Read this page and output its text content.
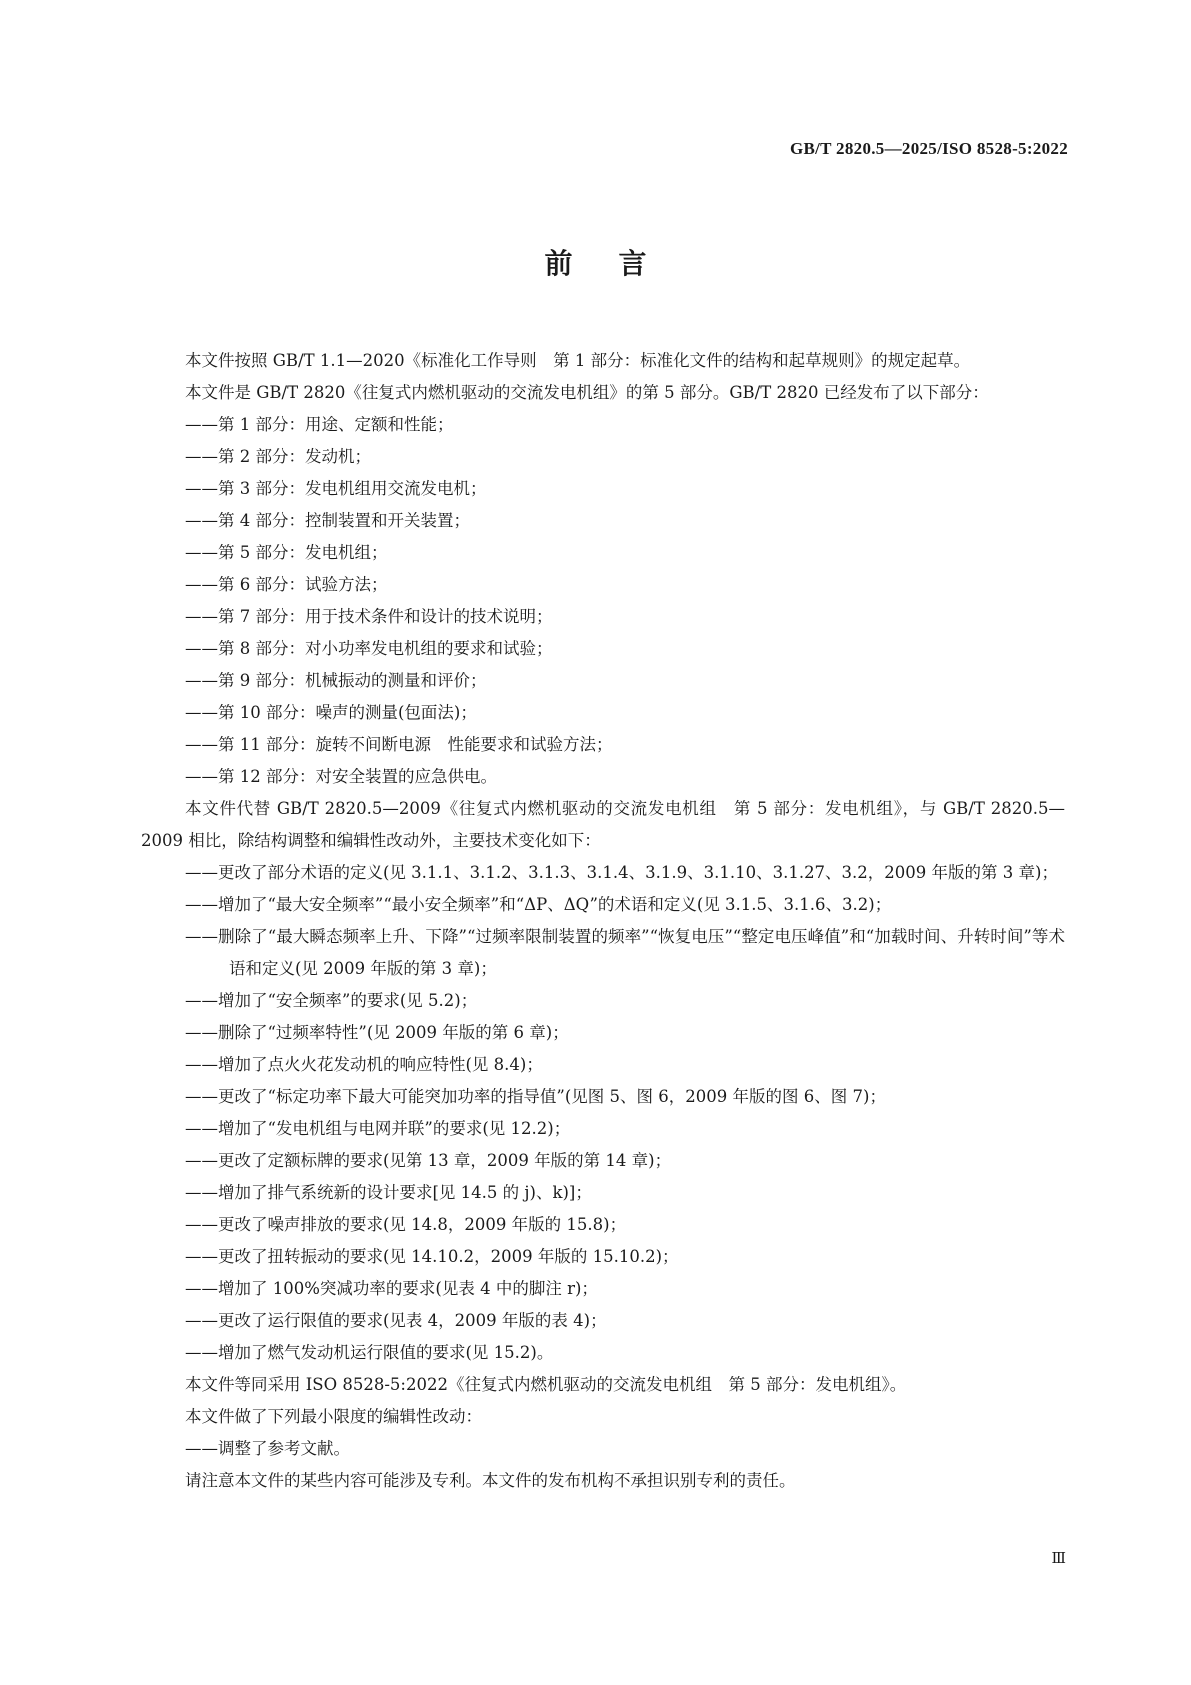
GB/T 2820.5—2025/ISO 8528-5:2022
前言

本文件按照 GB/T 1.1—2020《标准化工作导则　第 1 部分：标准化文件的结构和起草规则》的规定起草。

本文件是 GB/T 2820《往复式内燃机驱动的交流发电机组》的第 5 部分。GB/T 2820 已经发布了以下部分：

——第 1 部分：用途、定额和性能；

——第 2 部分：发动机；

——第 3 部分：发电机组用交流发电机；

——第 4 部分：控制装置和开关装置；

——第 5 部分：发电机组；

——第 6 部分：试验方法；

——第 7 部分：用于技术条件和设计的技术说明；

——第 8 部分：对小功率发电机组的要求和试验；

——第 9 部分：机械振动的测量和评价；

——第 10 部分：噪声的测量(包面法)；

——第 11 部分：旋转不间断电源　性能要求和试验方法；

——第 12 部分：对安全装置的应急供电。

本文件代替 GB/T 2820.5—2009《往复式内燃机驱动的交流发电机组　第 5 部分：发电机组》，与 GB/T 2820.5—2009 相比，除结构调整和编辑性改动外，主要技术变化如下：

——更改了部分术语的定义(见 3.1.1、3.1.2、3.1.3、3.1.4、3.1.9、3.1.10、3.1.27、3.2，2009 年版的第 3 章)；

——增加了“最大安全频率”“最小安全频率”和“ΔP、ΔQ”的术语和定义(见 3.1.5、3.1.6、3.2)；

——删除了“最大瞬态频率上升、下降”“过频率限制装置的频率”“恢复电压”“整定电压峰值”和“加载时间、升转时间”等术语和定义(见 2009 年版的第 3 章)；

——增加了“安全频率”的要求(见 5.2)；

——删除了“过频率特性”(见 2009 年版的第 6 章)；

——增加了点火火花发动机的响应特性(见 8.4)；

——更改了“标定功率下最大可能突加功率的指导值”(见图 5、图 6，2009 年版的图 6、图 7)；

——增加了“发电机组与电网并联”的要求(见 12.2)；

——更改了定额标牌的要求(见第 13 章，2009 年版的第 14 章)；

——增加了排气系统新的设计要求[见 14.5 的 j)、k)]；

——更改了噪声排放的要求(见 14.8，2009 年版的 15.8)；

——更改了扭转振动的要求(见 14.10.2，2009 年版的 15.10.2)；

——增加了 100%突减功率的要求(见表 4 中的脚注 r)；

——更改了运行限值的要求(见表 4，2009 年版的表 4)；

——增加了燃气发动机运行限值的要求(见 15.2)。

本文件等同采用 ISO 8528-5:2022《往复式内燃机驱动的交流发电机组　第 5 部分：发电机组》。

本文件做了下列最小限度的编辑性改动：

——调整了参考文献。

请注意本文件的某些内容可能涉及专利。本文件的发布机构不承担识别专利的责任。

Ⅲ
